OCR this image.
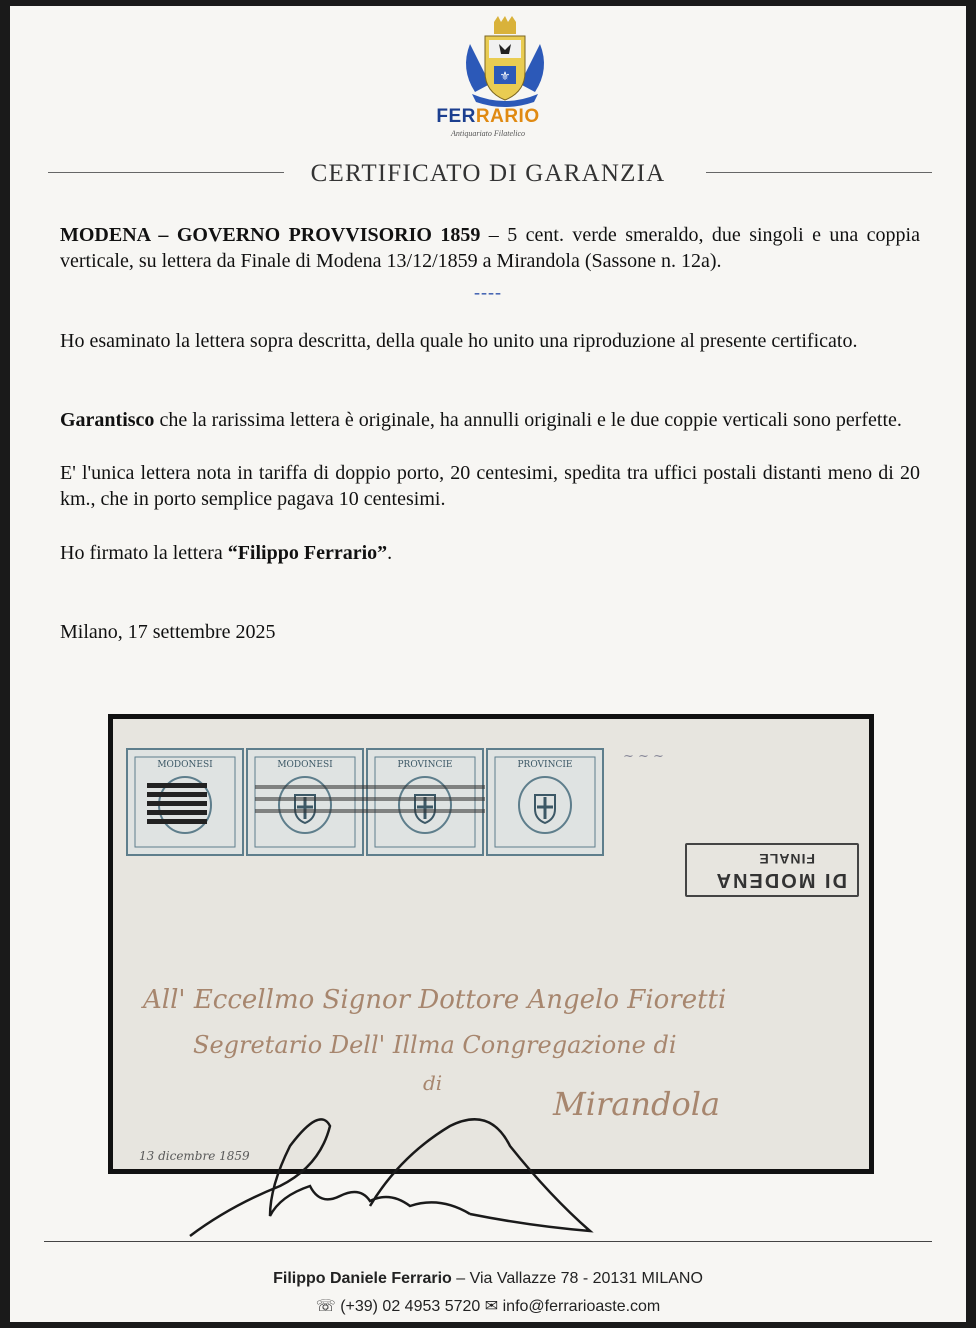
⚜
FERRARIO
Antiquariato Filatelico
CERTIFICATO DI GARANZIA

MODENA – GOVERNO PROVVISORIO 1859 – 5 cent. verde smeraldo, due singoli e una coppia verticale, su lettera da Finale di Modena 13/12/1859 a Mirandola (Sassone n. 12a).

----

Ho esaminato la lettera sopra descritta, della quale ho unito una riproduzione al presente certificato.

Garantisco che la rarissima lettera è originale, ha annulli originali e le due coppie verticali sono perfette.

E' l'unica lettera nota in tariffa di doppio porto, 20 centesimi, spedita tra uffici postali distanti meno di 20 km., che in porto semplice pagava 10 centesimi.

Ho firmato la lettera “Filippo Ferrario”.

Milano, 17 settembre 2025

MODONESI	MODONESI	PROVINCIE	PROVINCIE
~ ~ ~
DI MODENA
FINALE
All' Eccellmo Signor Dottore Angelo Fioretti
Segretario Dell' Illma Congregazione di
di
Mirandola
13 dicembre 1859
Filippo Daniele Ferrario – Via Vallazze 78 - 20131 MILANO
☏ (+39) 02 4953 5720 ✉ info@ferrarioaste.com
